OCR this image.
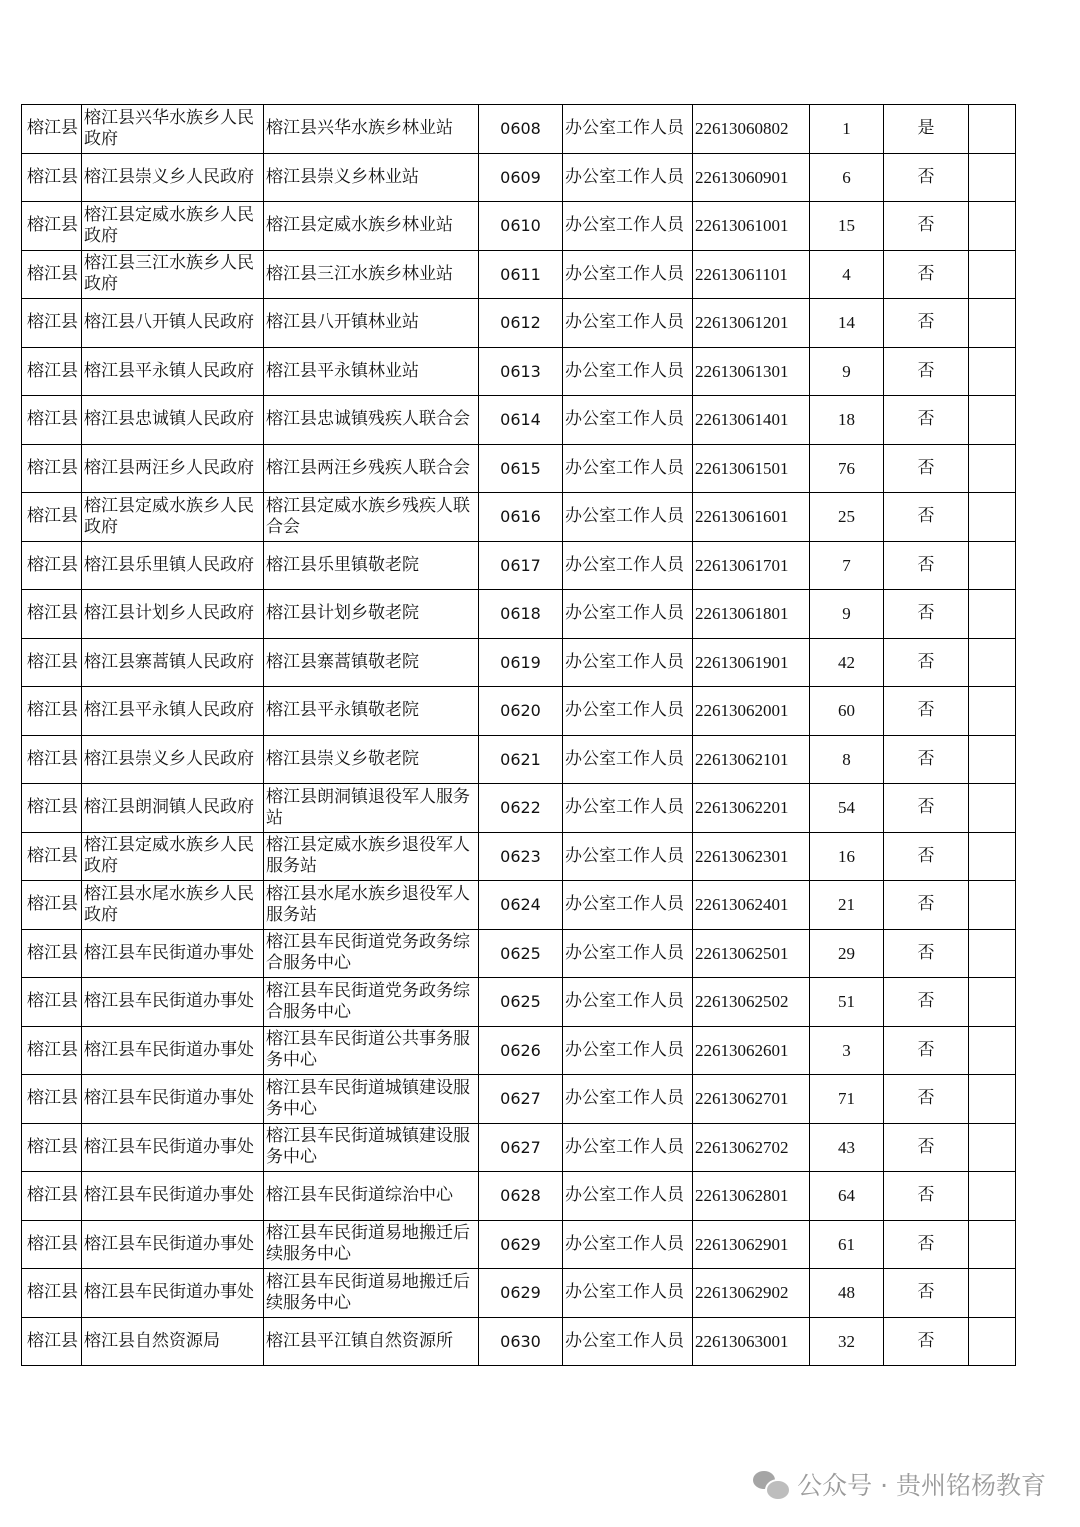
榕江县	榕江县兴华水族乡人民政府	榕江县兴华水族乡林业站	0608	办公室工作人员	22613060802	1	是	
榕江县	榕江县崇义乡人民政府	榕江县崇义乡林业站	0609	办公室工作人员	22613060901	6	否	
榕江县	榕江县定威水族乡人民政府	榕江县定威水族乡林业站	0610	办公室工作人员	22613061001	15	否	
榕江县	榕江县三江水族乡人民政府	榕江县三江水族乡林业站	0611	办公室工作人员	22613061101	4	否	
榕江县	榕江县八开镇人民政府	榕江县八开镇林业站	0612	办公室工作人员	22613061201	14	否	
榕江县	榕江县平永镇人民政府	榕江县平永镇林业站	0613	办公室工作人员	22613061301	9	否	
榕江县	榕江县忠诚镇人民政府	榕江县忠诚镇残疾人联合会	0614	办公室工作人员	22613061401	18	否	
榕江县	榕江县两汪乡人民政府	榕江县两汪乡残疾人联合会	0615	办公室工作人员	22613061501	76	否	
榕江县	榕江县定威水族乡人民政府	榕江县定威水族乡残疾人联合会	0616	办公室工作人员	22613061601	25	否	
榕江县	榕江县乐里镇人民政府	榕江县乐里镇敬老院	0617	办公室工作人员	22613061701	7	否	
榕江县	榕江县计划乡人民政府	榕江县计划乡敬老院	0618	办公室工作人员	22613061801	9	否	
榕江县	榕江县寨蒿镇人民政府	榕江县寨蒿镇敬老院	0619	办公室工作人员	22613061901	42	否	
榕江县	榕江县平永镇人民政府	榕江县平永镇敬老院	0620	办公室工作人员	22613062001	60	否	
榕江县	榕江县崇义乡人民政府	榕江县崇义乡敬老院	0621	办公室工作人员	22613062101	8	否	
榕江县	榕江县朗洞镇人民政府	榕江县朗洞镇退役军人服务站	0622	办公室工作人员	22613062201	54	否	
榕江县	榕江县定威水族乡人民政府	榕江县定威水族乡退役军人服务站	0623	办公室工作人员	22613062301	16	否	
榕江县	榕江县水尾水族乡人民政府	榕江县水尾水族乡退役军人服务站	0624	办公室工作人员	22613062401	21	否	
榕江县	榕江县车民街道办事处	榕江县车民街道党务政务综合服务中心	0625	办公室工作人员	22613062501	29	否	
榕江县	榕江县车民街道办事处	榕江县车民街道党务政务综合服务中心	0625	办公室工作人员	22613062502	51	否	
榕江县	榕江县车民街道办事处	榕江县车民街道公共事务服务中心	0626	办公室工作人员	22613062601	3	否	
榕江县	榕江县车民街道办事处	榕江县车民街道城镇建设服务中心	0627	办公室工作人员	22613062701	71	否	
榕江县	榕江县车民街道办事处	榕江县车民街道城镇建设服务中心	0627	办公室工作人员	22613062702	43	否	
榕江县	榕江县车民街道办事处	榕江县车民街道综治中心	0628	办公室工作人员	22613062801	64	否	
榕江县	榕江县车民街道办事处	榕江县车民街道易地搬迁后续服务中心	0629	办公室工作人员	22613062901	61	否	
榕江县	榕江县车民街道办事处	榕江县车民街道易地搬迁后续服务中心	0629	办公室工作人员	22613062902	48	否	
榕江县	榕江县自然资源局	榕江县平江镇自然资源所	0630	办公室工作人员	22613063001	32	否	
公众号 · 贵州铭杨教育
